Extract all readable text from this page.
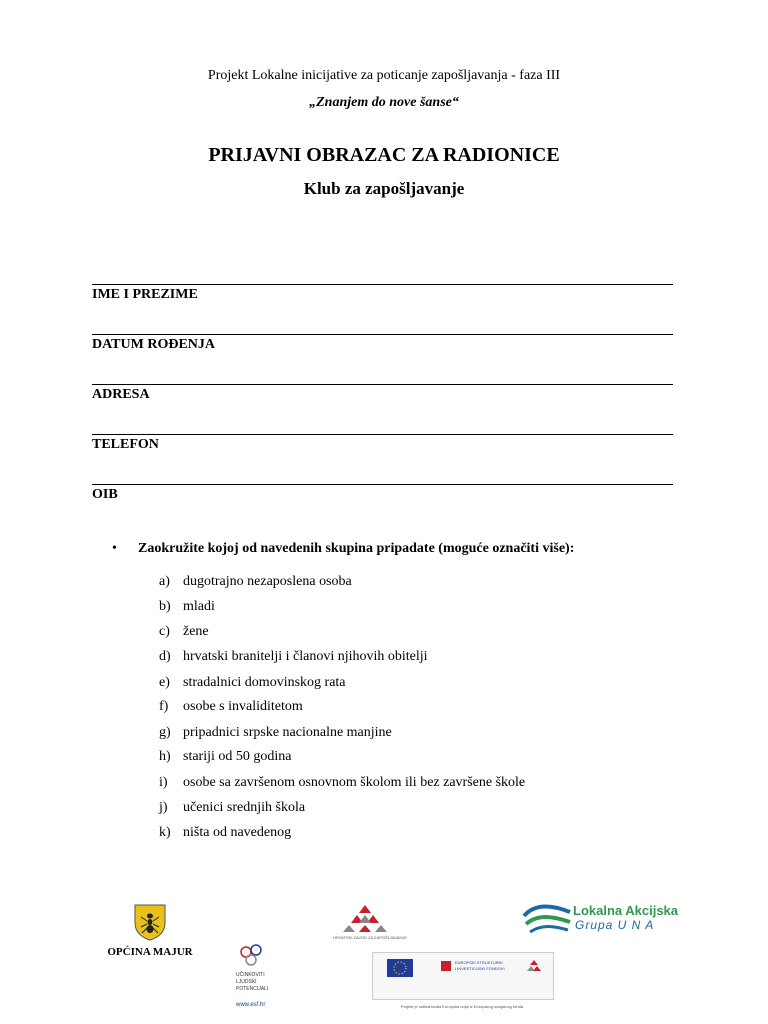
Projekt Lokalne inicijative za poticanje zapošljavanja - faza III
„Znanjem do nove šanse“
PRIJAVNI OBRAZAC ZA RADIONICE
Klub za zapošljavanje
IME I PREZIME
DATUM ROĐENJA
ADRESA
TELEFON
OIB
•	Zaokružite kojoj od navedenih skupina pripadate (moguće označiti više):
a) dugotrajno nezaposlena osoba
b) mladi
c) žene
d) hrvatski branitelji i članovi njihovih obitelji
e) stradalnici domovinskog rata
f) osobe s invaliditetom
g) pripadnici srpske nacionalne manjine
h) stariji od 50 godina
i) osobe sa završenom osnovnom školom ili bez završene škole
j) učenici srednjih škola
k) ništa od navedenog
OPĆINA MAJUR
HRVATSKI ZAVOD ZA ZAPOŠLJAVANJE
Lokalna Akcijska
Grupa U N A
UČINKOVITI
LJUDSKI
POTENCIJALI
www.esf.hr
EUROPSKI STRUKTURNI
I INVESTICIJSKI FONDOVI
Projekt je sufinancirala Europska unija iz Europskog socijalnog fonda
